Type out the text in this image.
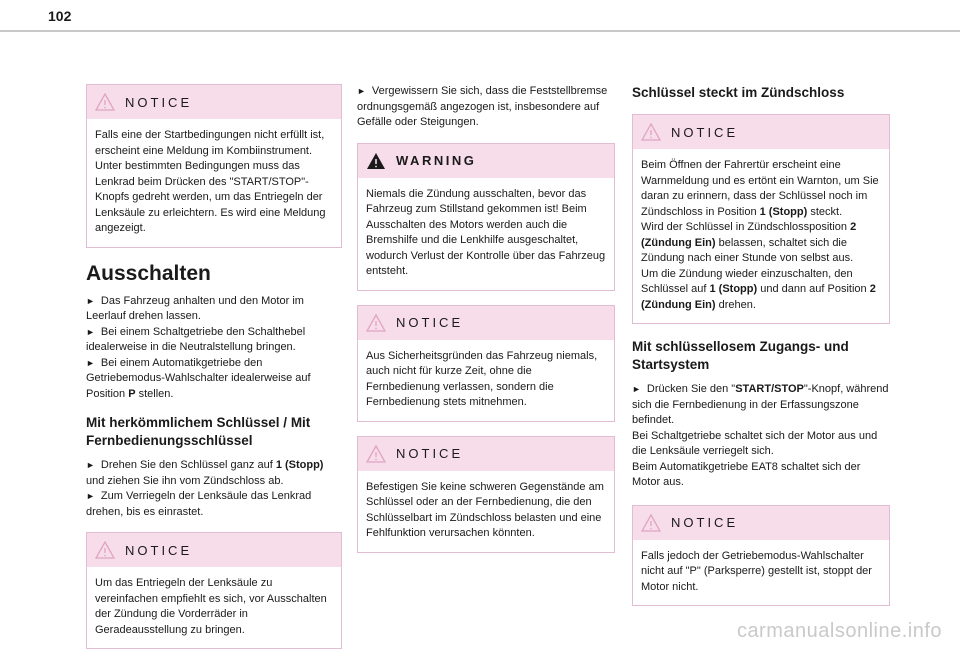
102
NOTICE

Falls eine der Startbedingungen nicht erfüllt ist, erscheint eine Meldung im Kombiinstrument. Unter bestimmten Bedingungen muss das Lenkrad beim Drücken des "START/STOP"-Knopfs gedreht werden, um das Entriegeln der Lenksäule zu erleichtern. Es wird eine Meldung angezeigt.

Ausschalten

► Das Fahrzeug anhalten und den Motor im Leerlauf drehen lassen.

► Bei einem Schaltgetriebe den Schalthebel idealerweise in die Neutralstellung bringen.

► Bei einem Automatikgetriebe den Getriebemodus-Wahlschalter idealerweise auf Position P stellen.

Mit herkömmlichem Schlüssel / Mit Fernbedienungsschlüssel

► Drehen Sie den Schlüssel ganz auf 1 (Stopp) und ziehen Sie ihn vom Zündschloss ab.

► Zum Verriegeln der Lenksäule das Lenkrad drehen, bis es einrastet.

NOTICE

Um das Entriegeln der Lenksäule zu vereinfachen empfiehlt es sich, vor Ausschalten der Zündung die Vorderräder in Geradeausstellung zu bringen.

► Vergewissern Sie sich, dass die Feststellbremse ordnungsgemäß angezogen ist, insbesondere auf Gefälle oder Steigungen.

WARNING

Niemals die Zündung ausschalten, bevor das Fahrzeug zum Stillstand gekommen ist! Beim Ausschalten des Motors werden auch die Bremshilfe und die Lenkhilfe ausgeschaltet, wodurch Verlust der Kontrolle über das Fahrzeug entsteht.

NOTICE

Aus Sicherheitsgründen das Fahrzeug niemals, auch nicht für kurze Zeit, ohne die Fernbedienung verlassen, sondern die Fernbedienung stets mitnehmen.

NOTICE

Befestigen Sie keine schweren Gegenstände am Schlüssel oder an der Fernbedienung, die den Schlüsselbart im Zündschloss belasten und eine Fehlfunktion verursachen könnten.

Schlüssel steckt im Zündschloss
NOTICE

Beim Öffnen der Fahrertür erscheint eine Warnmeldung und es ertönt ein Warnton, um Sie daran zu erinnern, dass der Schlüssel noch im Zündschloss in Position 1 (Stopp) steckt.

Wird der Schlüssel in Zündschlossposition 2 (Zündung Ein) belassen, schaltet sich die Zündung nach einer Stunde von selbst aus.

Um die Zündung wieder einzuschalten, den Schlüssel auf 1 (Stopp) und dann auf Position 2 (Zündung Ein) drehen.

Mit schlüssellosem Zugangs- und Startsystem

► Drücken Sie den "START/STOP"-Knopf, während sich die Fernbedienung in der Erfassungszone befindet.

Bei Schaltgetriebe schaltet sich der Motor aus und die Lenksäule verriegelt sich.

Beim Automatikgetriebe EAT8 schaltet sich der Motor aus.

NOTICE

Falls jedoch der Getriebemodus-Wahlschalter nicht auf "P" (Parksperre) gestellt ist, stoppt der Motor nicht.

carmanualsonline.info
